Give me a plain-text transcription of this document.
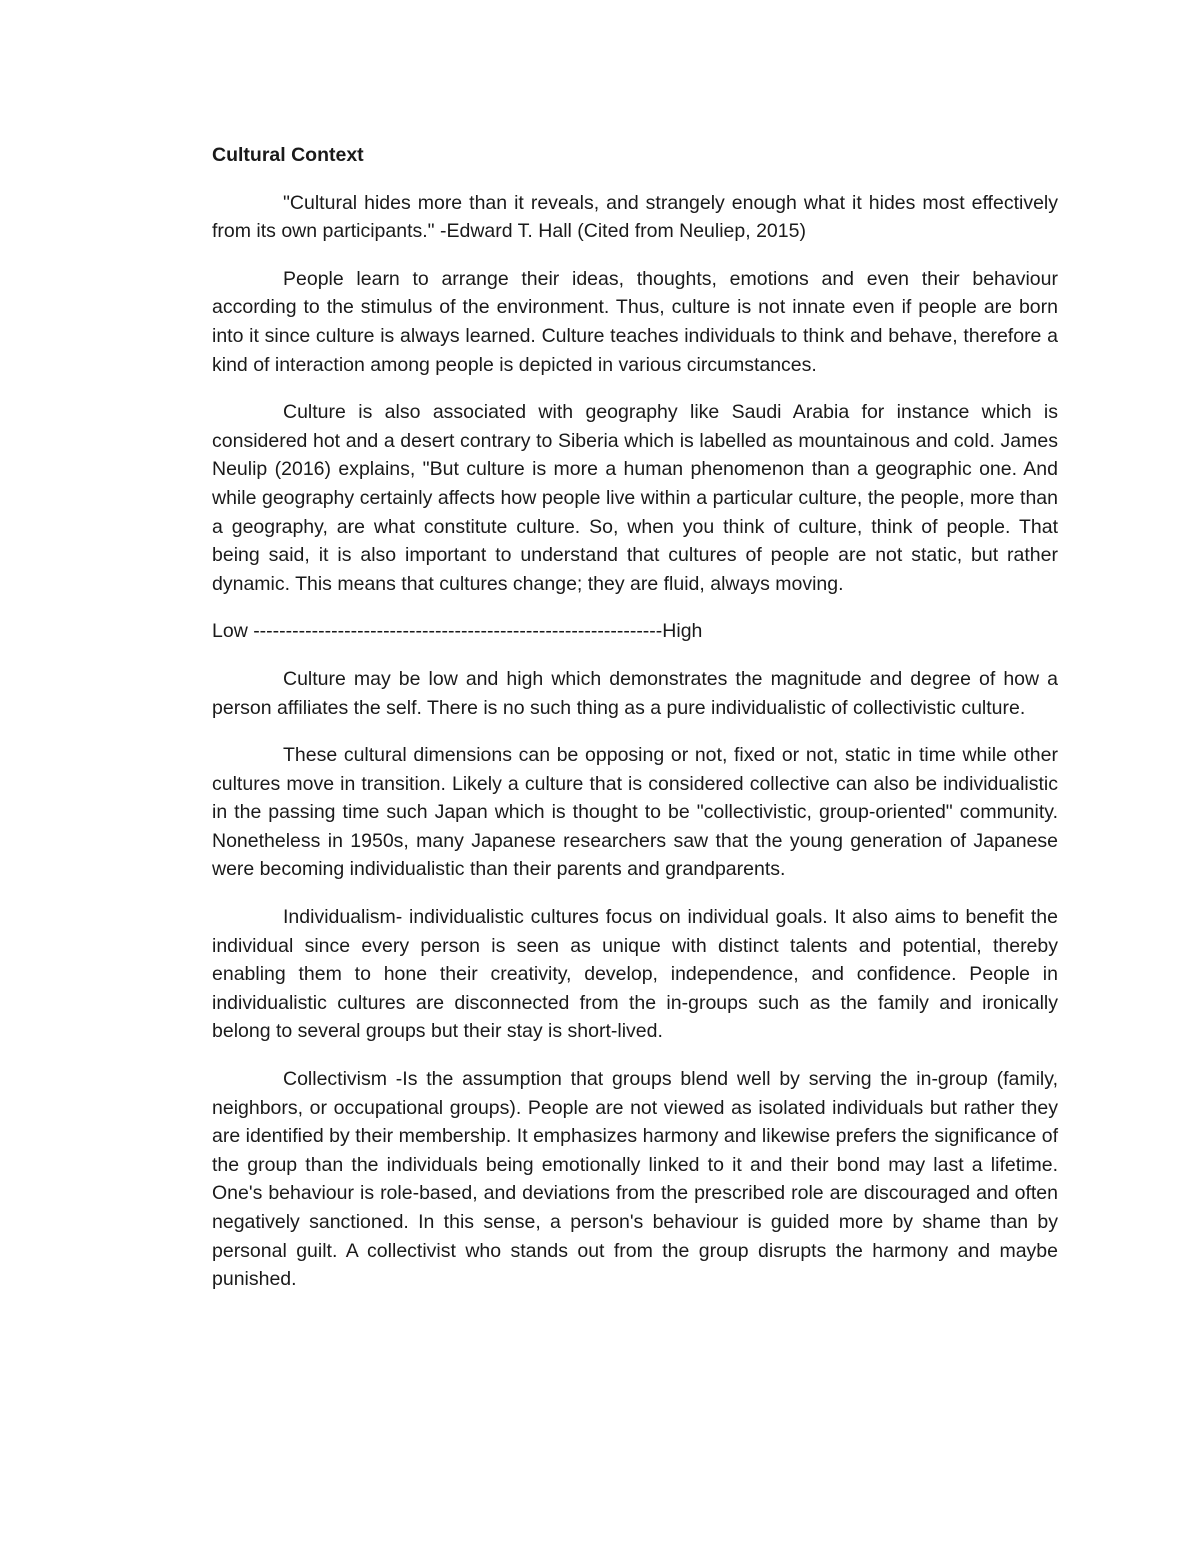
Cultural Context

"Cultural hides more than it reveals, and strangely enough what it hides most effectively from its own participants." -Edward T. Hall (Cited from Neuliep, 2015)

People learn to arrange their ideas, thoughts, emotions and even their behaviour according to the stimulus of the environment. Thus, culture is not innate even if people are born into it since culture is always learned. Culture teaches individuals to think and behave, therefore a kind of interaction among people is depicted in various circumstances.

Culture is also associated with geography like Saudi Arabia for instance which is considered hot and a desert contrary to Siberia which is labelled as mountainous and cold. James Neulip (2016) explains, "But culture is more a human phenomenon than a geographic one. And while geography certainly affects how people live within a particular culture, the people, more than a geography, are what constitute culture. So, when you think of culture, think of people. That being said, it is also important to understand that cultures of people are not static, but rather dynamic. This means that cultures change; they are fluid, always moving.

Low ---------------------------------------------------------------High

Culture may be low and high which demonstrates the magnitude and degree of how a person affiliates the self. There is no such thing as a pure individualistic of collectivistic culture.

These cultural dimensions can be opposing or not, fixed or not, static in time while other cultures move in transition. Likely a culture that is considered collective can also be individualistic in the passing time such Japan which is thought to be "collectivistic, group-oriented" community. Nonetheless in 1950s, many Japanese researchers saw that the young generation of Japanese were becoming individualistic than their parents and grandparents.

Individualism- individualistic cultures focus on individual goals. It also aims to benefit the individual since every person is seen as unique with distinct talents and potential, thereby enabling them to hone their creativity, develop, independence, and confidence. People in individualistic cultures are disconnected from the in-groups such as the family and ironically belong to several groups but their stay is short-lived.

Collectivism -Is the assumption that groups blend well by serving the in-group (family, neighbors, or occupational groups). People are not viewed as isolated individuals but rather they are identified by their membership. It emphasizes harmony and likewise prefers the significance of the group than the individuals being emotionally linked to it and their bond may last a lifetime. One's behaviour is role-based, and deviations from the prescribed role are discouraged and often negatively sanctioned. In this sense, a person's behaviour is guided more by shame than by personal guilt. A collectivist who stands out from the group disrupts the harmony and maybe punished.
